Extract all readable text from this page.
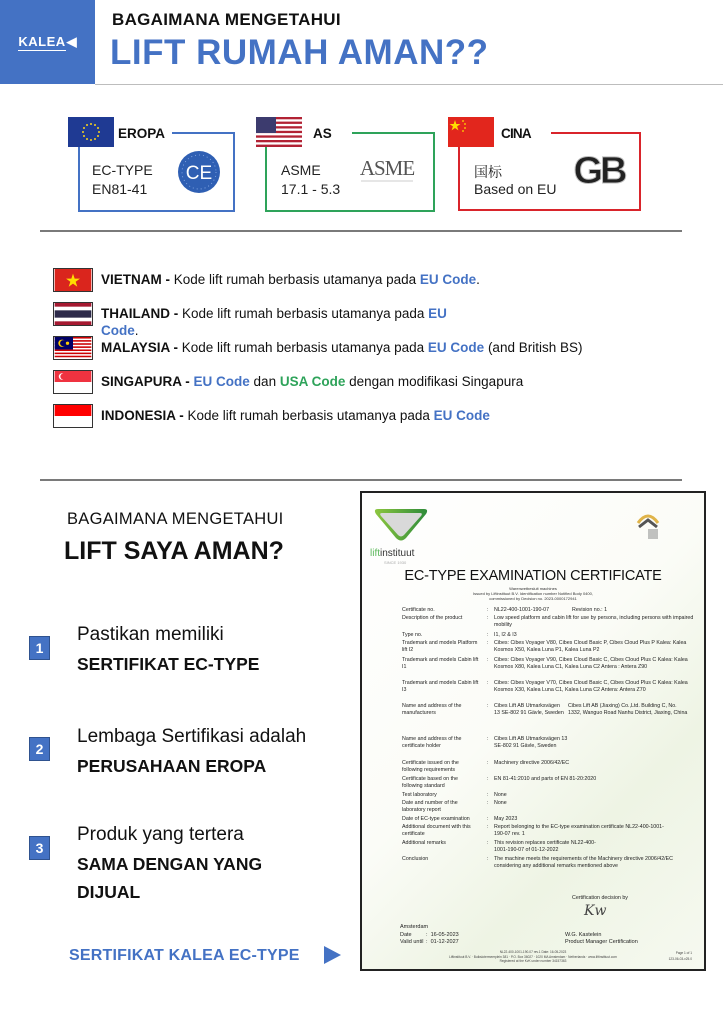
KALEA ◀
BAGAIMANA MENGETAHUI
LIFT RUMAH AMAN??
EROPA
EC-TYPE
EN81-41
CE
AS
ASME
17.1 - 5.3
ASME
CINA
国标
Based on EU GB
VIETNAM - Kode lift rumah berbasis utamanya pada EU Code.
THAILAND - Kode lift rumah berbasis utamanya pada EU
Code.
MALAYSIA - Kode lift rumah berbasis utamanya pada EU Code (and British BS)
SINGAPURA - EU Code dan USA Code dengan modifikasi Singapura
INDONESIA - Kode lift rumah berbasis utamanya pada EU Code
BAGAIMANA MENGETAHUI
LIFT SAYA AMAN?
1
Pastikan memiliki
SERTIFIKAT EC-TYPE
2
Lembaga Sertifikasi adalah
PERUSAHAAN EROPA
3
Produk yang tertera
SAMA DENGAN YANG
DIJUAL
SERTIFIKAT KALEA EC-TYPE
liftinstituut
SINCE 1930
EC-TYPE EXAMINATION CERTIFICATE
Warenwetbesluit machines
Issued by Liftinstituut B.V. Identification number Notified Body 0400,
commissioned by Decision no. 2023-0000172941
Certificate no.	: NL22-400-1001-190-07	Revision no.: 1
Description of the product	: Low speed platform and cabin lift for use by persons, including persons with impaired mobility
Type no.	: I1, I2 & I3
Trademark and models Platform lift I2
: Cibes: Cibes Voyager V80, Cibes Cloud Basic P, Cibes Cloud Plus P Kalea: Kalea Kosmos X50, Kalea Luna P1, Kalea Luna P2
Trademark and models Cabin lift I1
: Cibes: Cibes Voyager V90, Cibes Cloud Basic C, Cibes Cloud Plus C Kalea: Kalea Kosmos X80, Kalea Luna C1, Kalea Luna C2 Antera : Antera Z90
Trademark and models Cabin lift I3
: Cibes: Cibes Voyager V70, Cibes Cloud Basic C, Cibes Cloud Plus C Kalea: Kalea Kosmos X30, Kalea Luna C1, Kalea Luna C2 Antera: Antera Z70
Name and address of the manufacturers
: Cibes Lift AB Utmarksvägen 13 SE-802 91 Gävle, Sweden
Cibes Lift AB (Jiaxing) Co.,Ltd. Building C, No. 1332, Wanguo Road Nanhu District, Jiaxing, China
Name and address of the certificate holder
: Cibes Lift AB Utmarksvägen 13 SE-802 91 Gävle, Sweden
Certificate issued on the following requirements
: Machinery directive 2006/42/EC
Certificate based on the following standard
: EN 81-41:2010 and parts of EN 81-20:2020
Test laboratory	: None
Date and number of the laboratory report
: None
Date of EC-type examination	: May 2023
Additional document with this certificate
: Report belonging to the EC-type examination certificate NL22-400-1001-190-07 rev. 1
Additional remarks	: This revision replaces certificate NL22-400-1001-190-07 of 01-12-2022
Conclusion	: The machine meets the requirements of the Machinery directive 2006/42/EC considering any additional remarks mentioned above
Certification decision by
Kw
Amsterdam
Date	:  16-05-2023
Valid until :  01-12-2027
W.G. Kastelein
Product Manager Certification
NL22-400-1001-190-07 rev.1 Date: 16-05-2023
Liftinstituut B.V. · Buikslotermeerplein 381 · P.O. Box 36027 · 1020 MA Amsterdam · Netherlands · www.liftinstituut.com
Registered at the KvK under number 34157363
Page 1 of 1
123-06-03-v25.0
